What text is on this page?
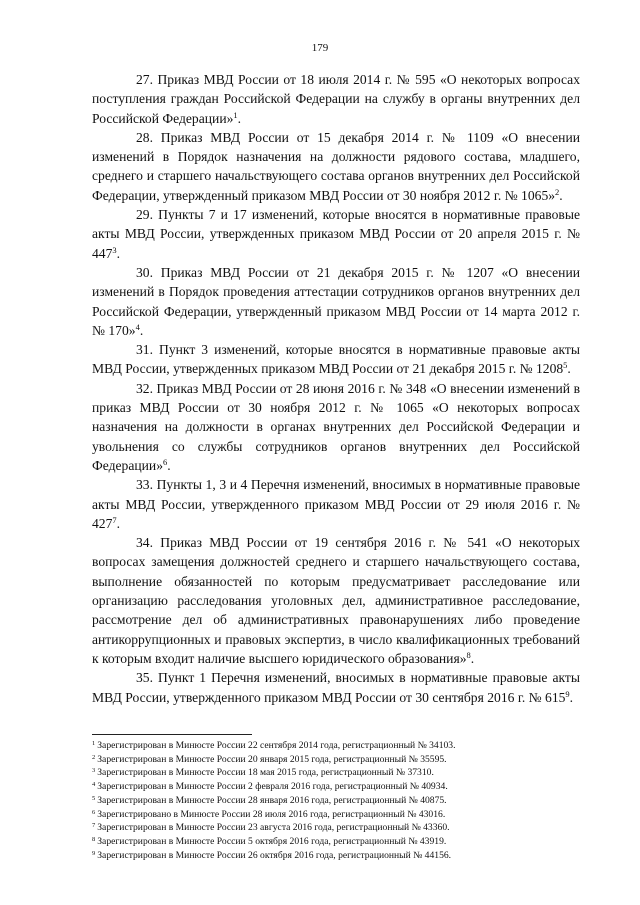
179

27. Приказ МВД России от 18 июля 2014 г. № 595 «О некоторых вопросах поступления граждан Российской Федерации на службу в органы внутренних дел Российской Федерации»$^1$.

28. Приказ МВД России от 15 декабря 2014 г. № 1109 «О внесении изменений в Порядок назначения на должности рядового состава, младшего, среднего и старшего начальствующего состава органов внутренних дел Российской Федерации, утвержденный приказом МВД России от 30 ноября 2012 г. № 1065»$^2$.

29. Пункты 7 и 17 изменений, которые вносятся в нормативные правовые акты МВД России, утвержденных приказом МВД России от 20 апреля 2015 г. № $447^3$.

30. Приказ МВД России от 21 декабря 2015 г. № 1207 «О внесении изменений в Порядок проведения аттестации сотрудников органов внутренних дел Российской Федерации, утвержденный приказом МВД России от 14 марта 2012 г. № 170»$^4$.

31. Пункт 3 изменений, которые вносятся в нормативные правовые акты МВД России, утвержденных приказом МВД России от 21 декабря 2015 г. № 1208$^5$.

32. Приказ МВД России от 28 июня 2016 г. № 348 «О внесении изменений в приказ МВД России от 30 ноября 2012 г. № 1065 «О некоторых вопросах назначения на должности в органах внутренних дел Российской Федерации и увольнения со службы сотрудников органов внутренних дел Российской Федерации»$^6$.

33. Пункты 1, 3 и 4 Перечня изменений, вносимых в нормативные правовые акты МВД России, утвержденного приказом МВД России от 29 июля 2016 г. № $427^7$.

34. Приказ МВД России от 19 сентября 2016 г. № 541 «О некоторых вопросах замещения должностей среднего и старшего начальствующего состава, выполнение обязанностей по которым предусматривает расследование или организацию расследования уголовных дел, административное расследование, рассмотрение дел об административных правонарушениях либо проведение антикоррупционных и правовых экспертиз, в число квалификационных требований к которым входит наличие высшего юридического образования»$^8$.

35. Пункт 1 Перечня изменений, вносимых в нормативные правовые акты МВД России, утвержденного приказом МВД России от 30 сентября 2016 г. № $615^9$.

$^1$ Зарегистрирован в Минюсте России 22 сентября 2014 года, регистрационный № 34103.
$^2$ Зарегистрирован в Минюсте России 20 января 2015 года, регистрационный № 35595.
$^3$ Зарегистрирован в Минюсте России 18 мая 2015 года, регистрационный № 37310.
$^4$ Зарегистрирован в Минюсте России 2 февраля 2016 года, регистрационный № 40934.
$^5$ Зарегистрирован в Минюсте России 28 января 2016 года, регистрационный № 40875.
$^6$ Зарегистрировано в Минюсте России 28 июля 2016 года, регистрационный № 43016.
$^7$ Зарегистрирован в Минюсте России 23 августа 2016 года, регистрационный № 43360.
$^8$ Зарегистрирован в Минюсте России 5 октября 2016 года, регистрационный № 43919.
$^9$ Зарегистрирован в Минюсте России 26 октября 2016 года, регистрационный № 44156.
